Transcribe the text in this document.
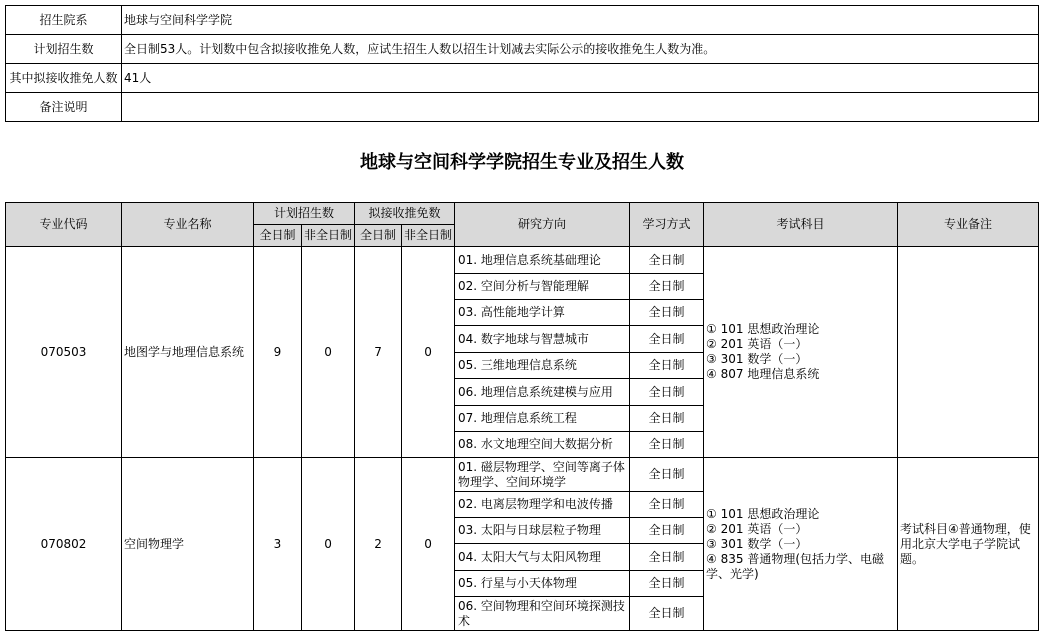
招生院系	地球与空间科学学院
计划招生数	全日制53人。计划数中包含拟接收推免人数，应试生招生人数以招生计划减去实际公示的接收推免生人数为准。
其中拟接收推免人数	41人
备注说明	
地球与空间科学学院招生专业及招生人数
专业代码	专业名称	计划招生数		拟接收推免数		研究方向	学习方式	考试科目	专业备注
		全日制	非全日制	全日制	非全日制				
070503	地图学与地理信息系统	9	0	7	0	01. 地理信息系统基础理论	全日制	① 101 思想政治理论
② 201 英语（一）
③ 301 数学（一）
④ 807 地理信息系统	

						02. 空间分析与智能理解	全日制		
						03. 高性能地学计算	全日制		
						04. 数字地球与智慧城市	全日制		
						05. 三维地理信息系统	全日制		
						06. 地理信息系统建模与应用	全日制		
						07. 地理信息系统工程	全日制		
						08. 水文地理空间大数据分析	全日制		
070802	空间物理学	3	0	2	0	01. 磁层物理学、空间等离子体物理学、空间环境学	全日制	① 101 思想政治理论
② 201 英语（一）
③ 301 数学（一）
④ 835 普通物理(包括力学、电磁学、光学)	考试科目④普通物理，使用北京大学电子学院试题。
						02. 电离层物理学和电波传播	全日制		
						03. 太阳与日球层粒子物理	全日制		
						04. 太阳大气与太阳风物理	全日制		
						05. 行星与小天体物理	全日制		
						06. 空间物理和空间环境探测技术	全日制		
